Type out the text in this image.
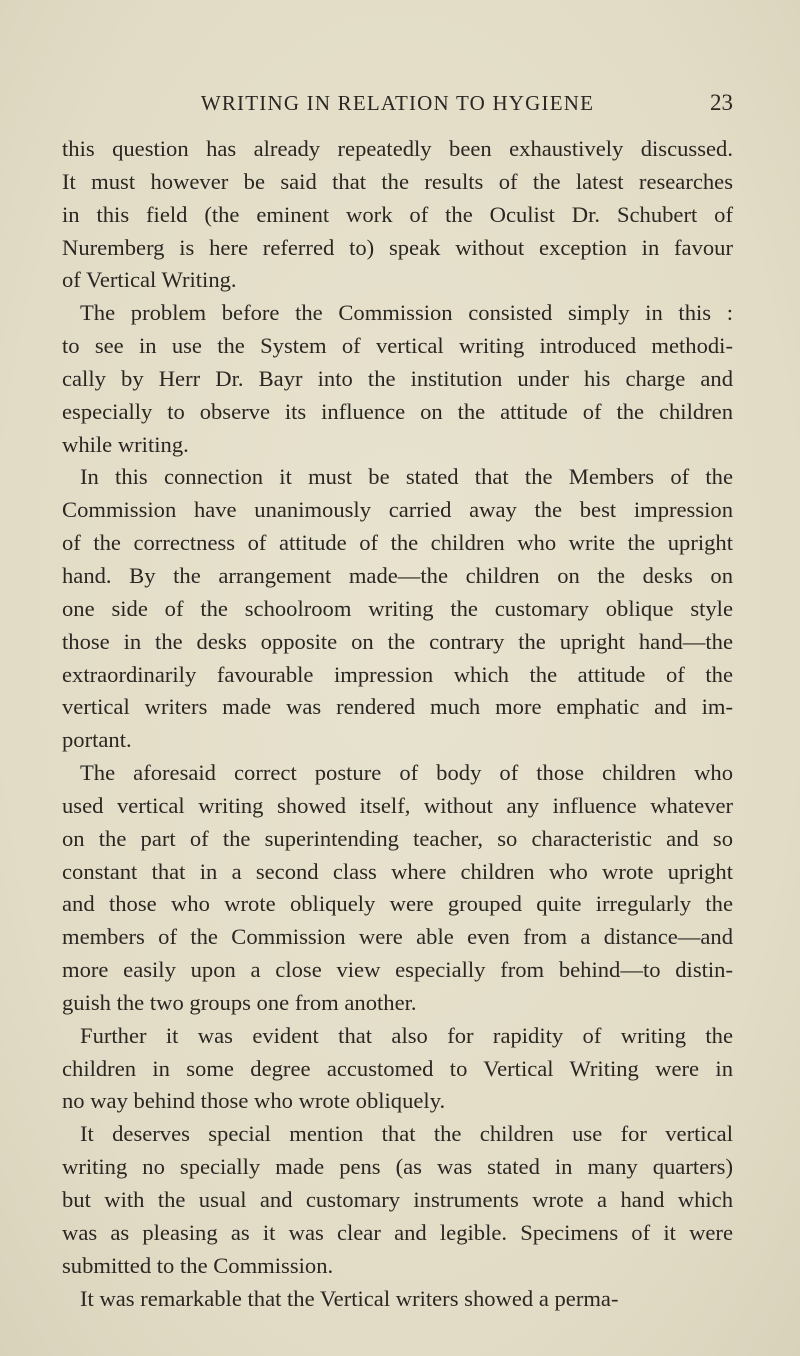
WRITING IN RELATION TO HYGIENE	23
this question has already repeatedly been exhaustively discussed.
It must however be said that the results of the latest researches
in this field (the eminent work of the Oculist Dr. Schubert of
Nuremberg is here referred to) speak without exception in favour
of Vertical Writing.
The problem before the Commission consisted simply in this :
to see in use the System of vertical writing introduced methodi-
cally by Herr Dr. Bayr into the institution under his charge and
especially to observe its influence on the attitude of the children
while writing.
In this connection it must be stated that the Members of the
Commission have unanimously carried away the best impression
of the correctness of attitude of the children who write the upright
hand. By the arrangement made—the children on the desks on
one side of the schoolroom writing the customary oblique style
those in the desks opposite on the contrary the upright hand—the
extraordinarily favourable impression which the attitude of the
vertical writers made was rendered much more emphatic and im-
portant.
The aforesaid correct posture of body of those children who
used vertical writing showed itself, without any influence whatever
on the part of the superintending teacher, so characteristic and so
constant that in a second class where children who wrote upright
and those who wrote obliquely were grouped quite irregularly the
members of the Commission were able even from a distance—and
more easily upon a close view especially from behind—to distin-
guish the two groups one from another.
Further it was evident that also for rapidity of writing the
children in some degree accustomed to Vertical Writing were in
no way behind those who wrote obliquely.
It deserves special mention that the children use for vertical
writing no specially made pens (as was stated in many quarters)
but with the usual and customary instruments wrote a hand which
was as pleasing as it was clear and legible. Specimens of it were
submitted to the Commission.
It was remarkable that the Vertical writers showed a perma-
